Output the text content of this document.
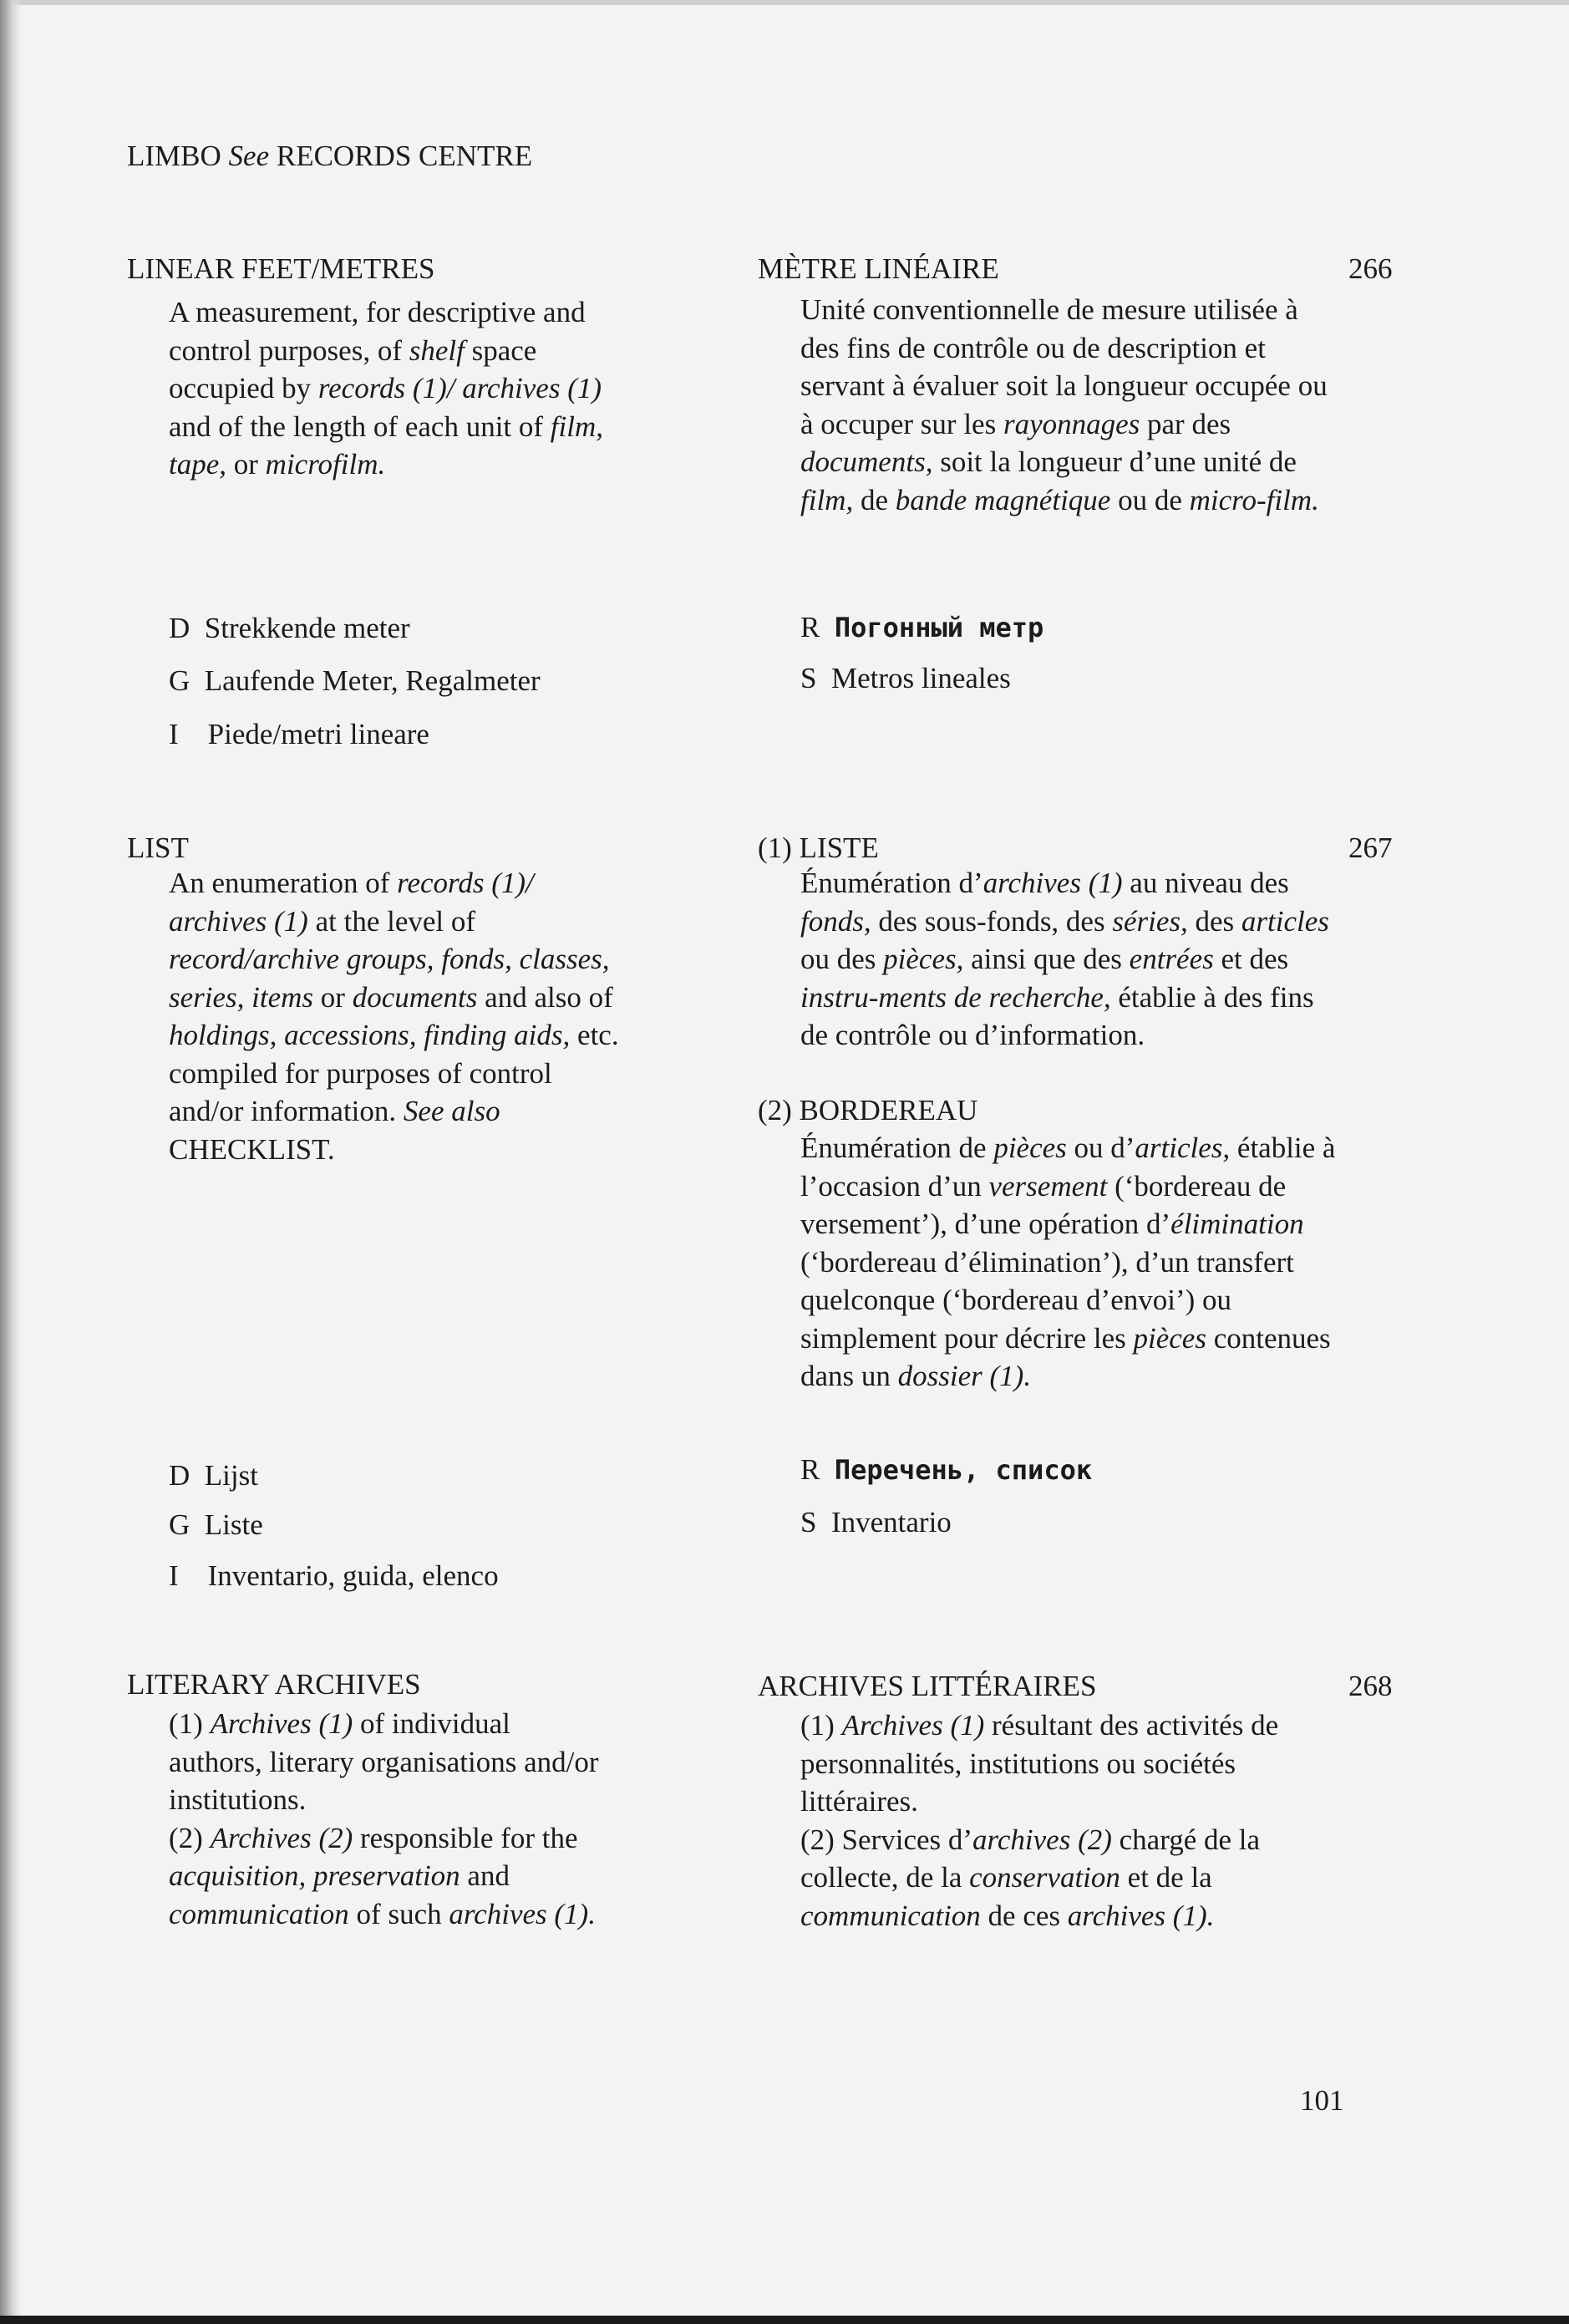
LIMBO See RECORDS CENTRE
LINEAR FEET/METRES
A measurement, for descriptive and control purposes, of shelf space occupied by records (1)/ archives (1) and of the length of each unit of film, tape, or microfilm.
MÈTRE LINÉAIRE	266
Unité conventionnelle de mesure utilisée à des fins de contrôle ou de description et servant à évaluer soit la longueur occupée ou à occuper sur les rayonnages par des documents, soit la longueur d’une unité de film, de bande magnétique ou de micro-film.
D Strekkende meter
G Laufende Meter, Regalmeter
I Piede/metri lineare
R Погонный метр
S Metros lineales
LIST
An enumeration of records (1)/ archives (1) at the level of record/archive groups, fonds, classes, series, items or documents and also of holdings, accessions, finding aids, etc. compiled for purposes of control and/or information. See also CHECKLIST.
(1) LISTE	267
Énumération d’archives (1) au niveau des fonds, des sous-fonds, des séries, des articles ou des pièces, ainsi que des entrées et des instru-ments de recherche, établie à des fins de contrôle ou d’information.
(2) BORDEREAU
Énumération de pièces ou d’articles, établie à l’occasion d’un versement (‘bordereau de versement’), d’une opération d’élimination (‘bordereau d’élimination’), d’un transfert quelconque (‘bordereau d’envoi’) ou simplement pour décrire les pièces contenues dans un dossier (1).
D Lijst
G Liste
I Inventario, guida, elenco
R Перечень, список
S Inventario
LITERARY ARCHIVES
(1) Archives (1) of individual authors, literary organisations and/or institutions.
(2) Archives (2) responsible for the acquisition, preservation and communication of such archives (1).
ARCHIVES LITTÉRAIRES	268
(1) Archives (1) résultant des activités de personnalités, institutions ou sociétés littéraires.
(2) Services d’archives (2) chargé de la collecte, de la conservation et de la communication de ces archives (1).
101
